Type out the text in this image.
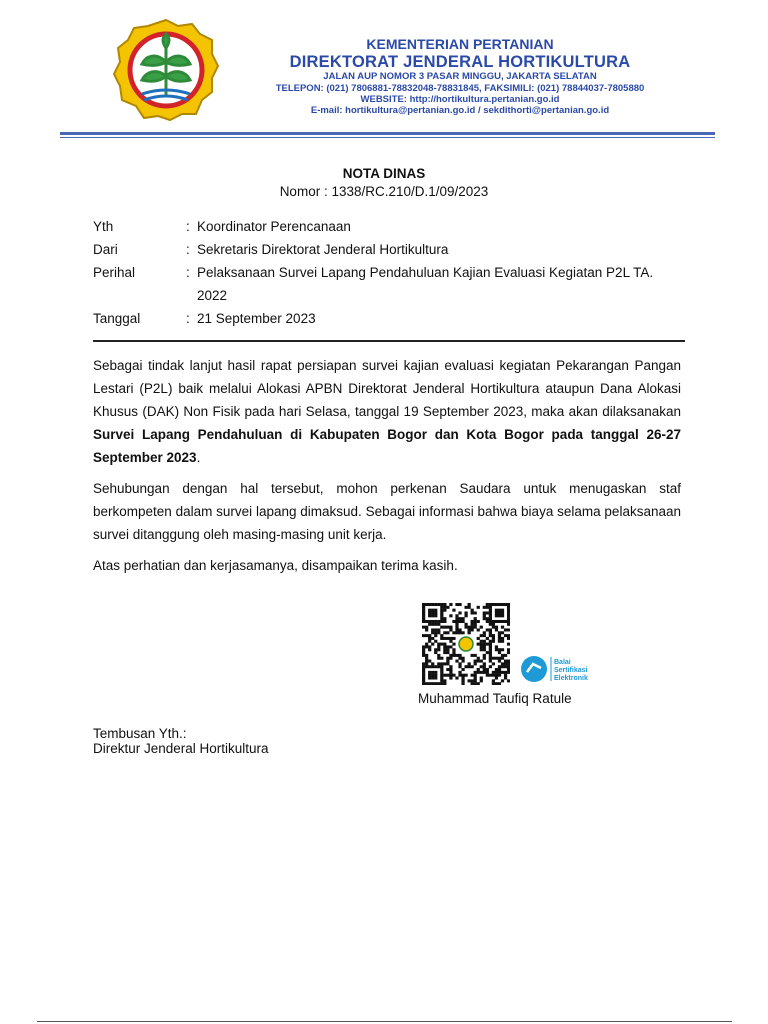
KEMENTERIAN PERTANIAN
DIREKTORAT JENDERAL HORTIKULTURA
JALAN AUP NOMOR 3 PASAR MINGGU, JAKARTA SELATAN
TELEPON: (021) 7806881-78832048-78831845, FAKSIMILI: (021) 78844037-7805880
WEBSITE: http://hortikultura.pertanian.go.id
E-mail: hortikultura@pertanian.go.id / sekdithorti@pertanian.go.id
NOTA DINAS
Nomor : 1338/RC.210/D.1/09/2023
Yth	: Koordinator Perencanaan
Dari	: Sekretaris Direktorat Jenderal Hortikultura
Perihal	: Pelaksanaan Survei Lapang Pendahuluan Kajian Evaluasi Kegiatan P2L TA. 2022
Tanggal	: 21 September 2023
Sebagai tindak lanjut hasil rapat persiapan survei kajian evaluasi kegiatan Pekarangan Pangan Lestari (P2L) baik melalui Alokasi APBN Direktorat Jenderal Hortikultura ataupun Dana Alokasi Khusus (DAK) Non Fisik pada hari Selasa, tanggal 19 September 2023, maka akan dilaksanakan Survei Lapang Pendahuluan di Kabupaten Bogor dan Kota Bogor pada tanggal 26-27 September 2023.
Sehubungan dengan hal tersebut, mohon perkenan Saudara untuk menugaskan staf berkompeten dalam survei lapang dimaksud. Sebagai informasi bahwa biaya selama pelaksanaan survei ditanggung oleh masing-masing unit kerja.
Atas perhatian dan kerjasamanya, disampaikan terima kasih.
Balai
Sertifikasi
Elektronik
Muhammad Taufiq Ratule
Tembusan Yth.:
Direktur Jenderal Hortikultura
